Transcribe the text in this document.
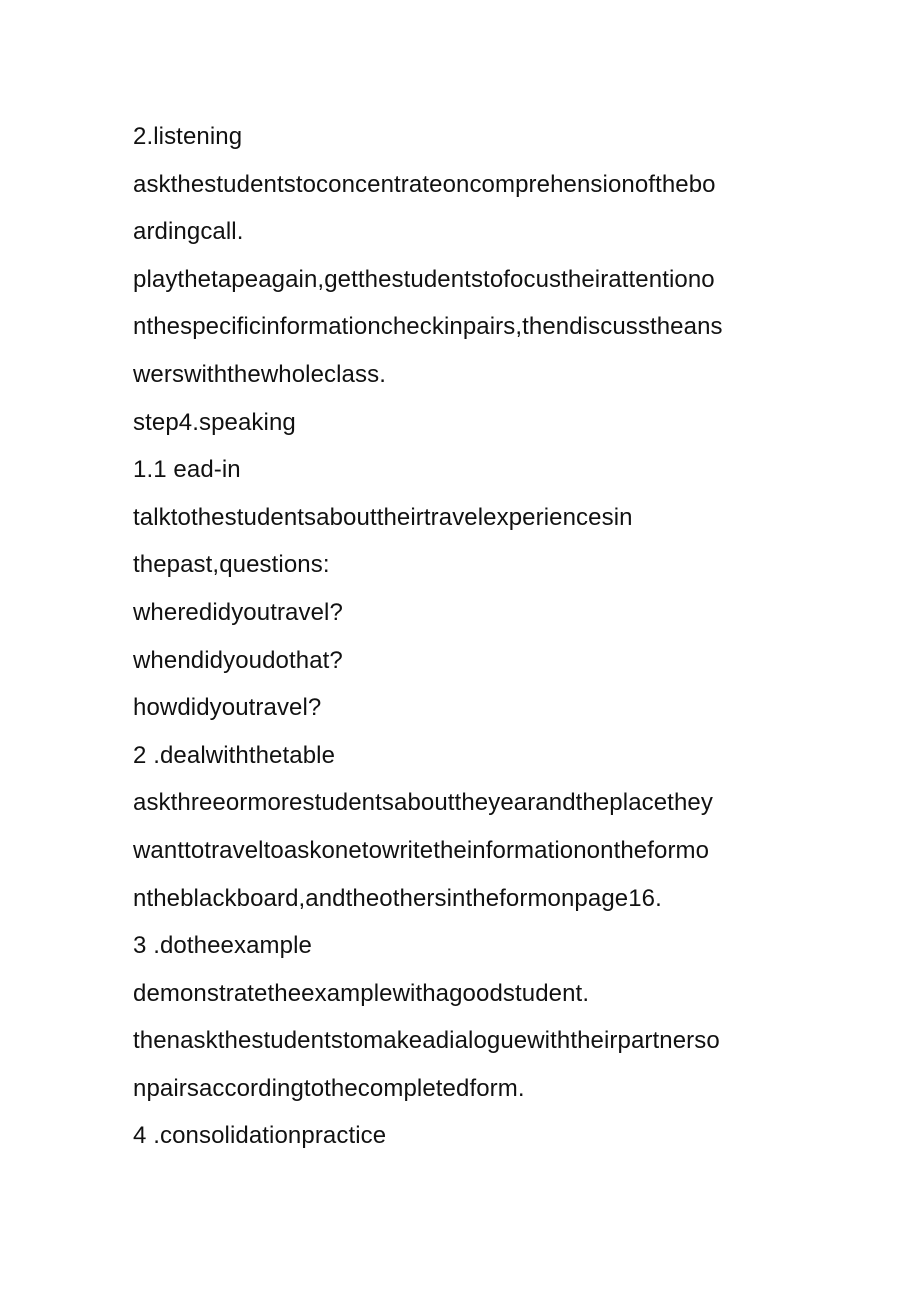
2.listening
askthestudentstoconcentrateoncomprehensionofthebo
ardingcall.
playthetapeagain,getthestudentstofocustheirattentiono
nthespecificinformationcheckinpairs,thendiscusstheans
werswiththewholeclass.
step4.speaking
1.1 ead-in
talktothestudentsabouttheirtravelexperiencesin
thepast,questions:
wheredidyoutravel?
whendidyoudothat?
howdidyoutravel?
2 .dealwiththetable
askthreeormorestudentsabouttheyearandtheplacethey
wanttotraveltoaskonetowritetheinformationontheformo
ntheblackboard,andtheothersintheformonpage16.
3 .dotheexample
demonstratetheexamplewithagoodstudent.
thenaskthestudentstomakeadialoguewiththeirpartnerso
npairsaccordingtothecompletedform.
4 .consolidationpractice
